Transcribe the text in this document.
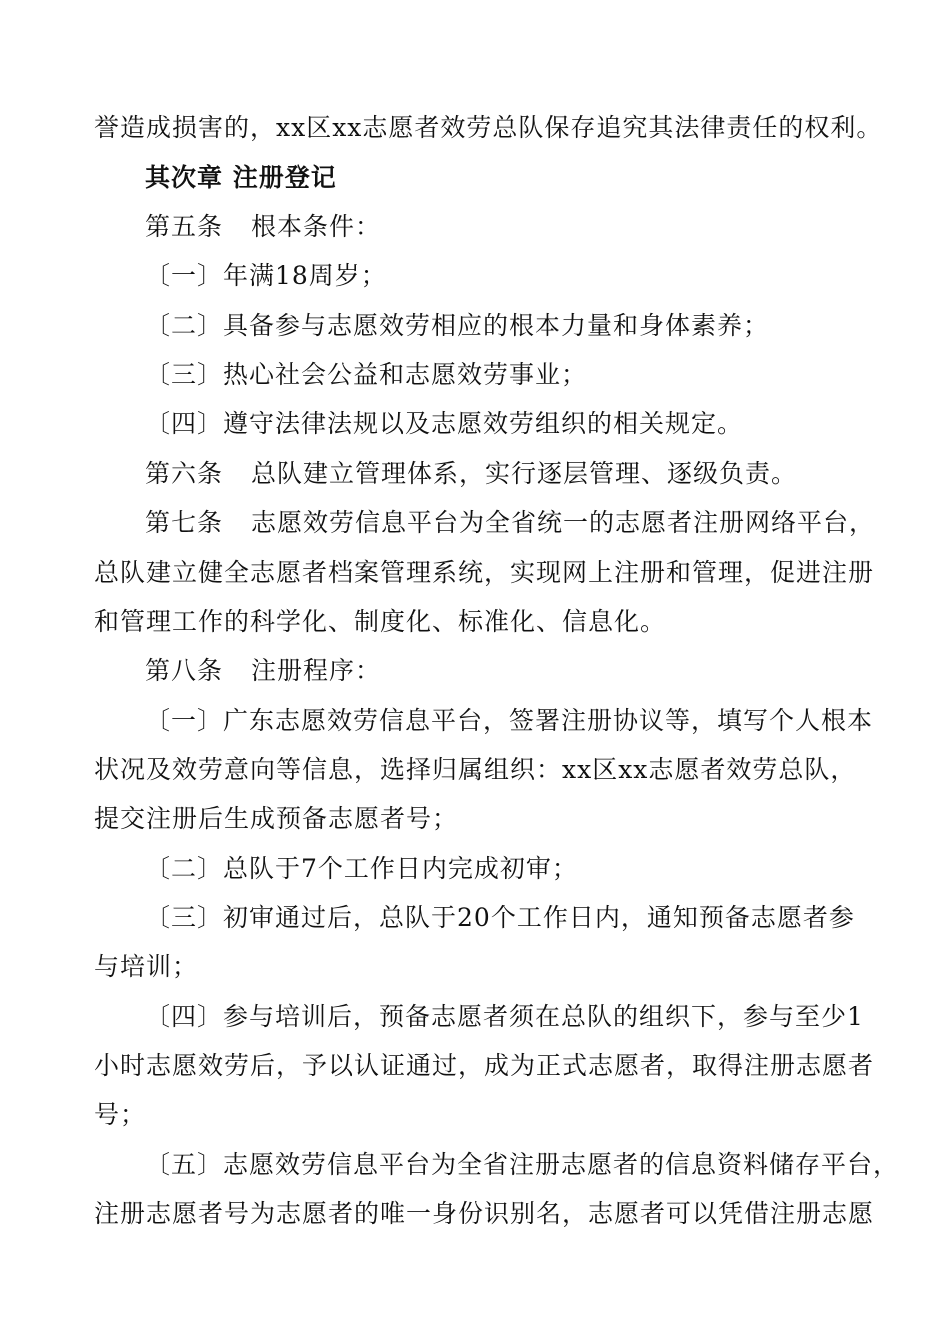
誉造成损害的，xx区xx志愿者效劳总队保存追究其法律责任的权利。
其次章 注册登记
第五条 根本条件：
〔一〕年满18周岁；
〔二〕具备参与志愿效劳相应的根本力量和身体素养；
〔三〕热心社会公益和志愿效劳事业；
〔四〕遵守法律法规以及志愿效劳组织的相关规定。
第六条 总队建立管理体系，实行逐层管理、逐级负责。
第七条 志愿效劳信息平台为全省统一的志愿者注册网络平台，
总队建立健全志愿者档案管理系统，实现网上注册和管理，促进注册
和管理工作的科学化、制度化、标准化、信息化。
第八条 注册程序：
〔一〕广东志愿效劳信息平台，签署注册协议等，填写个人根本
状况及效劳意向等信息，选择归属组织：xx区xx志愿者效劳总队，
提交注册后生成预备志愿者号；
〔二〕总队于7个工作日内完成初审；
〔三〕初审通过后，总队于20个工作日内，通知预备志愿者参
与培训；
〔四〕参与培训后，预备志愿者须在总队的组织下，参与至少1
小时志愿效劳后，予以认证通过，成为正式志愿者，取得注册志愿者
号；
〔五〕志愿效劳信息平台为全省注册志愿者的信息资料储存平台，
注册志愿者号为志愿者的唯一身份识别名，志愿者可以凭借注册志愿
